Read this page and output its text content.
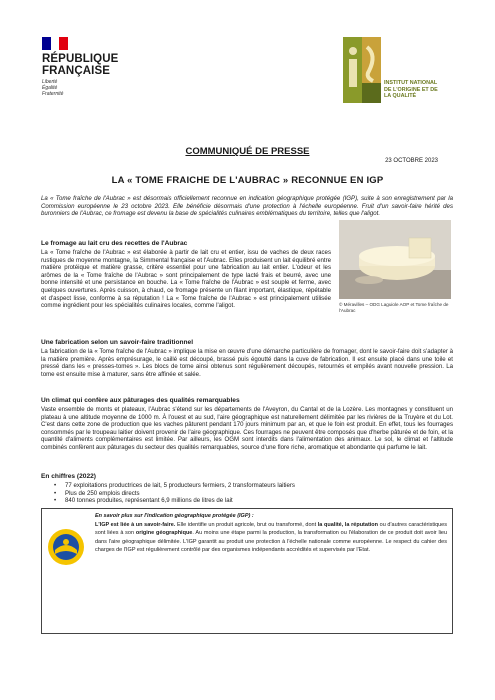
RÉPUBLIQUE
FRANÇAISE
Liberté
Égalité
Fraternité
INSTITUT NATIONAL
DE L'ORIGINE ET DE
LA QUALITÉ
COMMUNIQUÉ DE PRESSE
23 OCTOBRE 2023
LA « TOME FRAICHE DE L'AUBRAC » RECONNUE EN IGP
La « Tome fraîche de l'Aubrac » est désormais officiellement reconnue en indication géographique protégée (IGP), suite à son enregistrement par la Commission européenne le 23 octobre 2023. Elle bénéficie désormais d'une protection à l'échelle européenne. Fruit d'un savoir-faire hérité des buronniers de l'Aubrac, ce fromage est devenu la base de spécialités culinaires emblématiques du territoire, telles que l'aligot.
Le fromage au lait cru des recettes de l'Aubrac
La « Tome fraîche de l'Aubrac » est élaborée à partir de lait cru et entier, issu de vaches de deux races rustiques de moyenne montagne, la Simmental française et l'Aubrac. Elles produisent un lait équilibré entre matière protéique et matière grasse, critère essentiel pour une fabrication au lait entier. L'odeur et les arômes de la « Tome fraîche de l'Aubrac » sont principalement de type lacté frais et beurré, avec une bonne intensité et une persistance en bouche. La « Tome fraîche de l'Aubrac » est souple et ferme, avec quelques ouvertures. Après cuisson, à chaud, ce fromage présente un filant important, élastique, répétable et d'aspect lisse, conforme à sa réputation ! La « Tome fraîche de l'Aubrac » est principalement utilisée comme ingrédient pour les spécialités culinaires locales, comme l'aligot.	© Méravilles – ODG Laguiole AOP et Tome fraîche de l'Aubrac
Une fabrication selon un savoir-faire traditionnel
La fabrication de la « Tome fraîche de l'Aubrac » implique la mise en œuvre d'une démarche particulière de fromager, dont le savoir-faire doit s'adapter à la matière première. Après emprésurage, le caillé est découpé, brassé puis égoutté dans la cuve de fabrication. Il est ensuite placé dans une toile et pressé dans les « presses-tomes ». Les blocs de tome ainsi obtenus sont régulièrement découpés, retournés et empilés avant nouvelle pression. La tome est ensuite mise à maturer, sans être affinée et salée.
Un climat qui confère aux pâturages des qualités remarquables
Vaste ensemble de monts et plateaux, l'Aubrac s'étend sur les départements de l'Aveyron, du Cantal et de la Lozère. Les montagnes y constituent un plateau à une altitude moyenne de 1000 m. À l'ouest et au sud, l'aire géographique est naturellement délimitée par les rivières de la Truyère et du Lot. C'est dans cette zone de production que les vaches pâturent pendant 170 jours minimum par an, et que le foin est produit. En effet, tous les fourrages consommés par le troupeau laitier doivent provenir de l'aire géographique. Ces fourrages ne peuvent être composés que d'herbe pâturée et de foin, et la quantité d'aliments complémentaires est limitée. Par ailleurs, les OGM sont interdits dans l'alimentation des animaux. Le sol, le climat et l'altitude combinés confèrent aux pâturages du secteur des qualités remarquables, source d'une flore riche, aromatique et abondante qui parfume le lait.
En chiffres (2022)
• 77 exploitations productrices de lait, 5 producteurs fermiers, 2 transformateurs laitiers
• Plus de 250 emplois directs
• 840 tonnes produites, représentant 6,9 millions de litres de lait
En savoir plus sur l'indication géographique protégée (IGP) :
L'IGP est liée à un savoir-faire. Elle identifie un produit agricole, brut ou transformé, dont la qualité, la réputation ou d'autres caractéristiques sont liées à son origine géographique. Au moins une étape parmi la production, la transformation ou l'élaboration de ce produit doit avoir lieu dans l'aire géographique délimitée. L'IGP garantit au produit une protection à l'échelle nationale comme européenne. Le respect du cahier des charges de l'IGP est régulièrement contrôlé par des organismes indépendants accrédités et supervisés par l'Etat.
